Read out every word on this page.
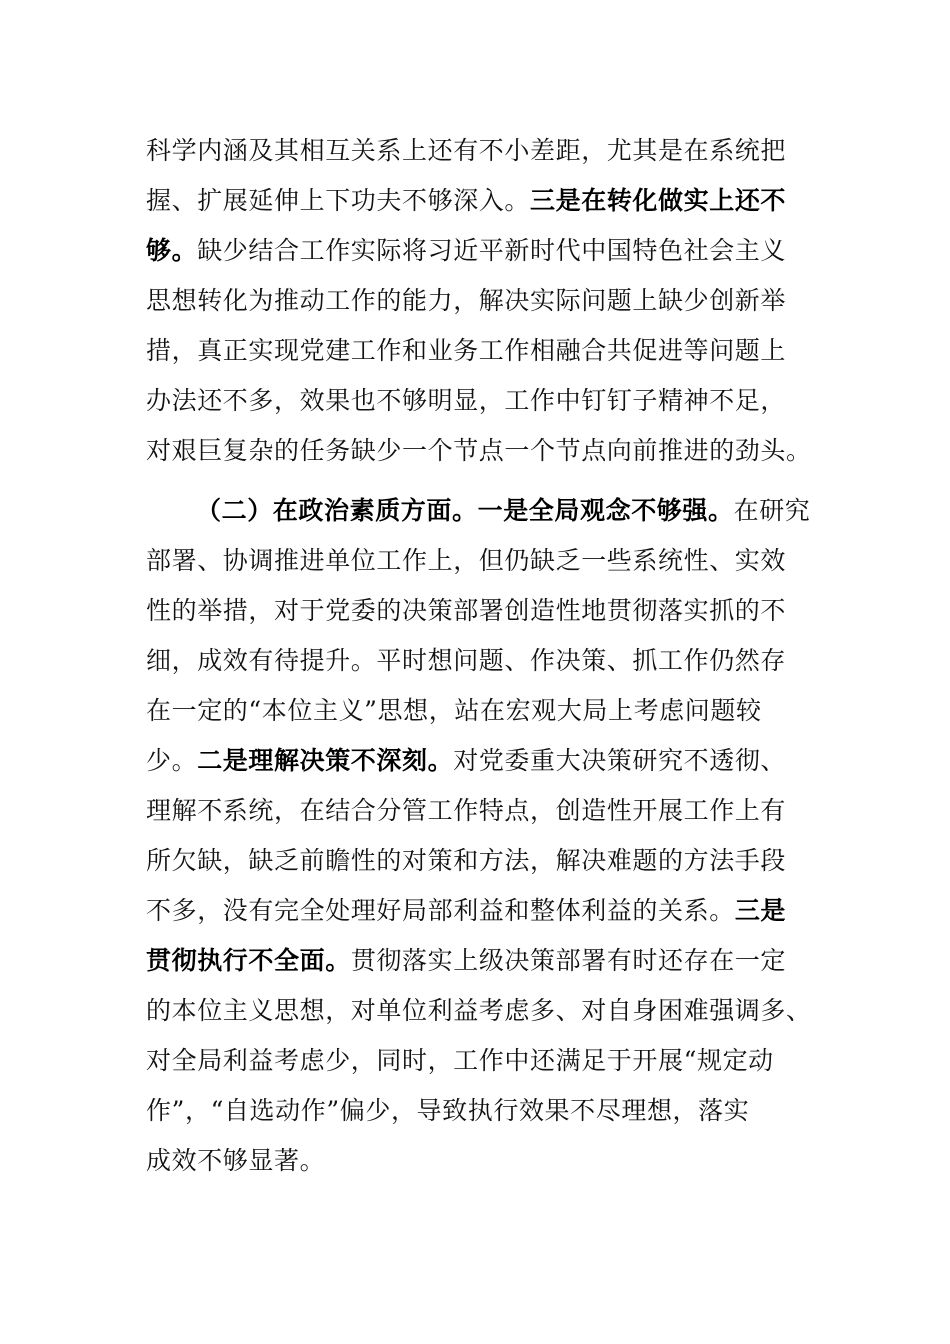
科学内涵及其相互关系上还有不小差距，尤其是在系统把
握、扩展延伸上下功夫不够深入。三是在转化做实上还不
够。缺少结合工作实际将习近平新时代中国特色社会主义
思想转化为推动工作的能力，解决实际问题上缺少创新举
措，真正实现党建工作和业务工作相融合共促进等问题上
办法还不多，效果也不够明显，工作中钉钉子精神不足，
对艰巨复杂的任务缺少一个节点一个节点向前推进的劲头。
（二）在政治素质方面。一是全局观念不够强。在研究
部署、协调推进单位工作上，但仍缺乏一些系统性、实效
性的举措，对于党委的决策部署创造性地贯彻落实抓的不
细，成效有待提升。平时想问题、作决策、抓工作仍然存
在一定的“本位主义”思想，站在宏观大局上考虑问题较
少。二是理解决策不深刻。对党委重大决策研究不透彻、
理解不系统，在结合分管工作特点，创造性开展工作上有
所欠缺，缺乏前瞻性的对策和方法，解决难题的方法手段
不多，没有完全处理好局部利益和整体利益的关系。三是
贯彻执行不全面。贯彻落实上级决策部署有时还存在一定
的本位主义思想，对单位利益考虑多、对自身困难强调多、
对全局利益考虑少，同时，工作中还满足于开展“规定动
作”，“自选动作”偏少，导致执行效果不尽理想，落实
成效不够显著。
